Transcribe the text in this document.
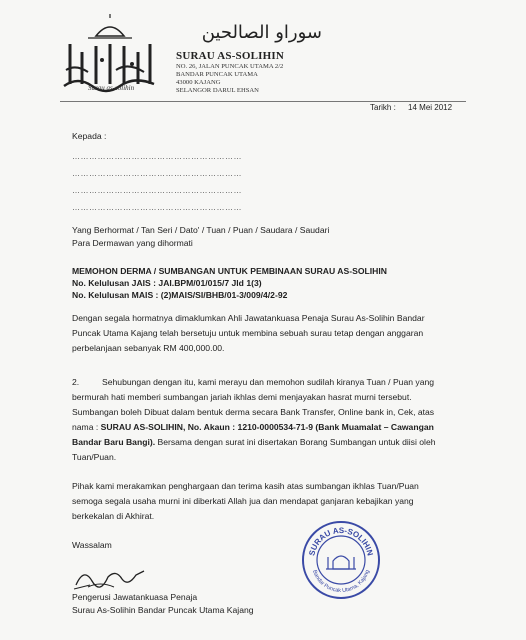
Surau as-solihin
سوراو الصالحين
SURAU AS-SOLIHIN
NO. 26, JALAN PUNCAK UTAMA 2/2
BANDAR PUNCAK UTAMA
43000 KAJANG
SELANGOR DARUL EHSAN
Tarikh : 14 Mei 2012
Kepada :
……………………………………………………
……………………………………………………
……………………………………………………
……………………………………………………
Yang Berhormat / Tan Seri / Dato' / Tuan / Puan / Saudara / Saudari
Para Dermawan yang dihormati
MEMOHON DERMA / SUMBANGAN UNTUK PEMBINAAN SURAU AS-SOLIHIN
No. Kelulusan JAIS : JAI.BPM/01/015/7 Jld 1(3)
No. Kelulusan MAIS : (2)MAIS/SI/BHB/01-3/009/4/2-92
Dengan segala hormatnya dimaklumkan Ahli Jawatankuasa Penaja Surau As-Solihin Bandar
Puncak Utama Kajang telah bersetuju untuk membina sebuah surau tetap dengan anggaran
perbelanjaan sebanyak RM 400,000.00.
2.	Sehubungan dengan itu, kami merayu dan memohon sudilah kiranya Tuan / Puan yang
bermurah hati memberi sumbangan jariah ikhlas demi menjayakan hasrat murni tersebut.
Sumbangan boleh Dibuat dalam bentuk derma secara Bank Transfer, Online bank in, Cek, atas
nama : SURAU AS-SOLIHIN, No. Akaun : 1210-0000534-71-9 (Bank Muamalat – Cawangan
Bandar Baru Bangi). Bersama dengan surat ini disertakan Borang Sumbangan untuk diisi oleh
Tuan/Puan.
Pihak kami merakamkan penghargaan dan terima kasih atas sumbangan ikhlas Tuan/Puan
semoga segala usaha murni ini diberkati Allah jua dan mendapat ganjaran kebajikan yang
berkekalan di Akhirat.
Wassalam
Pengerusi Jawatankuasa Penaja
Surau As-Solihin Bandar Puncak Utama Kajang
SURAU AS-SOLIHIN
Bandar Puncak Utama, Kajang
